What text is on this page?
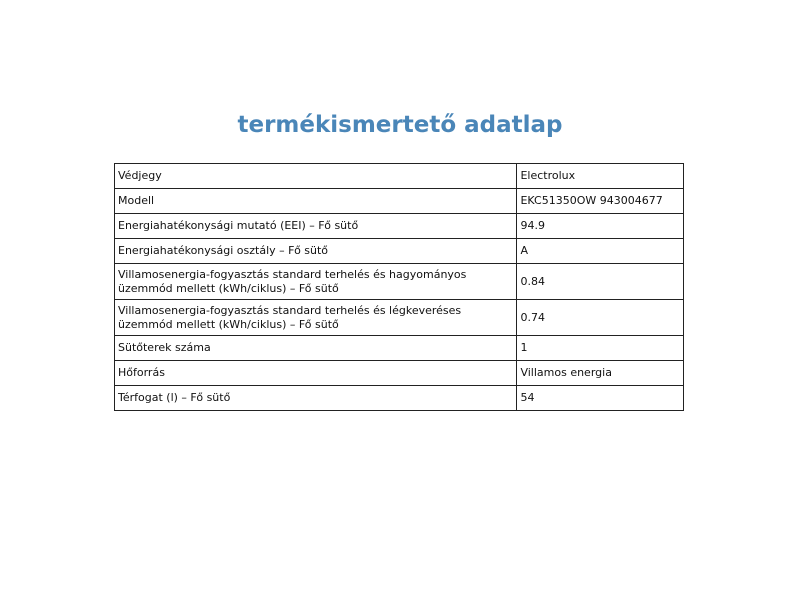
termékismertető adatlap
Védjegy	Electrolux
Modell	EKC51350OW 943004677
Energiahatékonysági mutató (EEI) – Fő sütő	94.9
Energiahatékonysági osztály – Fő sütő	A
Villamosenergia-fogyasztás standard terhelés és hagyományos üzemmód mellett (kWh/ciklus) – Fő sütő	0.84
Villamosenergia-fogyasztás standard terhelés és légkeveréses üzemmód mellett (kWh/ciklus) – Fő sütő	0.74
Sütőterek száma	1
Hőforrás	Villamos energia
Térfogat (l) – Fő sütő	54
